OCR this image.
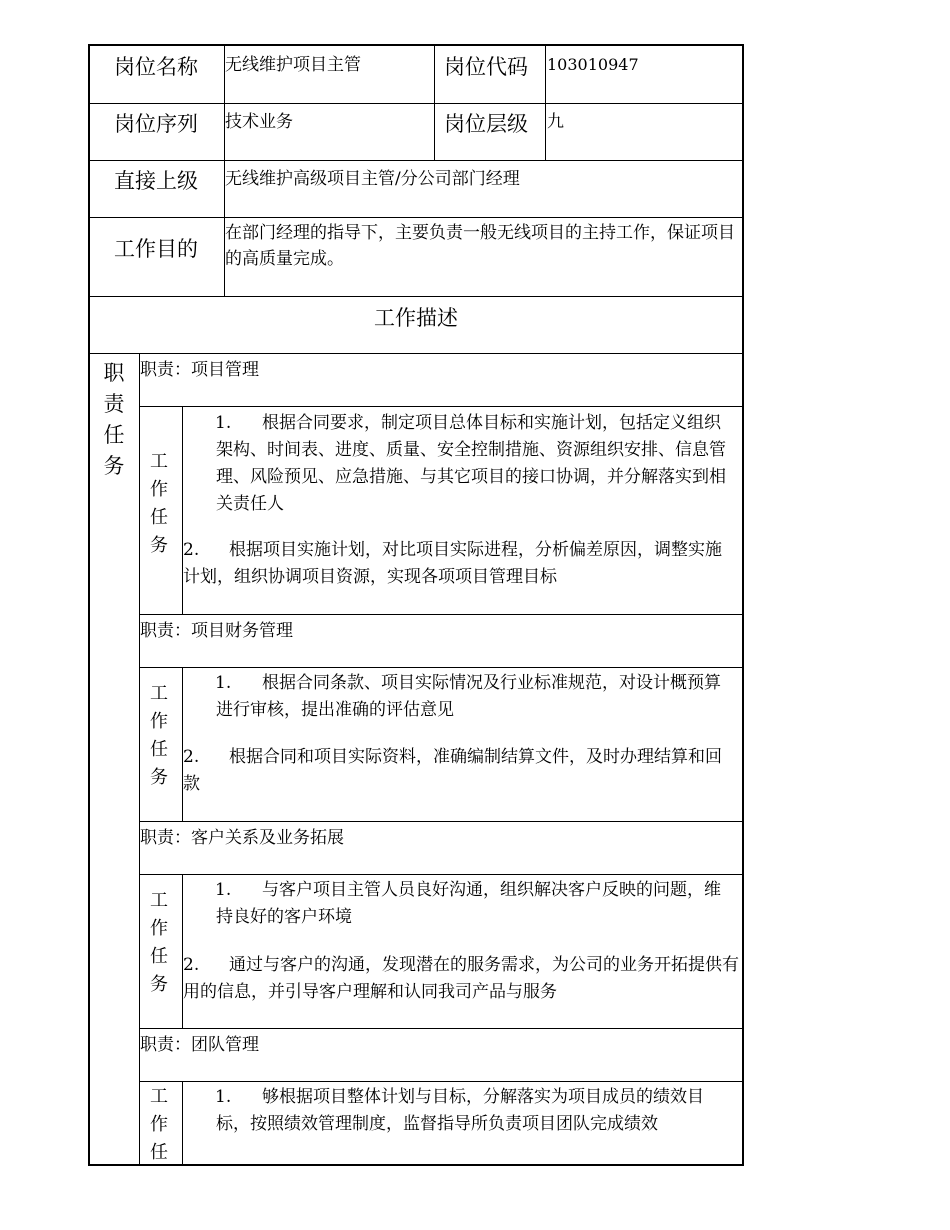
岗位名称 无线维护项目主管	岗位代码 103010947
岗位序列 技术业务	岗位层级 九
直接上级 无线维护高级项目主管/分公司部门经理
工作目的
在部门经理的指导下，主要负责一般无线项目的主持工作，保证项目的高质量完成。
工作描述
职
责
任
务
职责：项目管理
工
作
任
务
1.	根据合同要求，制定项目总体目标和实施计划，包括定义组织架构、时间表、进度、质量、安全控制措施、资源组织安排、信息管理、风险预见、应急措施、与其它项目的接口协调，并分解落实到相关责任人
2. 根据项目实施计划，对比项目实际进程，分析偏差原因，调整实施计划，组织协调项目资源，实现各项项目管理目标
职责：项目财务管理
工
作
任
务
1.	根据合同条款、项目实际情况及行业标准规范，对设计概预算进行审核，提出准确的评估意见
2. 根据合同和项目实际资料，准确编制结算文件，及时办理结算和回款
职责：客户关系及业务拓展
工
作
任
务
1.	与客户项目主管人员良好沟通，组织解决客户反映的问题，维持良好的客户环境
2. 通过与客户的沟通，发现潜在的服务需求，为公司的业务开拓提供有用的信息，并引导客户理解和认同我司产品与服务
职责：团队管理
工
作
任
1.	够根据项目整体计划与目标，分解落实为项目成员的绩效目标，按照绩效管理制度，监督指导所负责项目团队完成绩效
